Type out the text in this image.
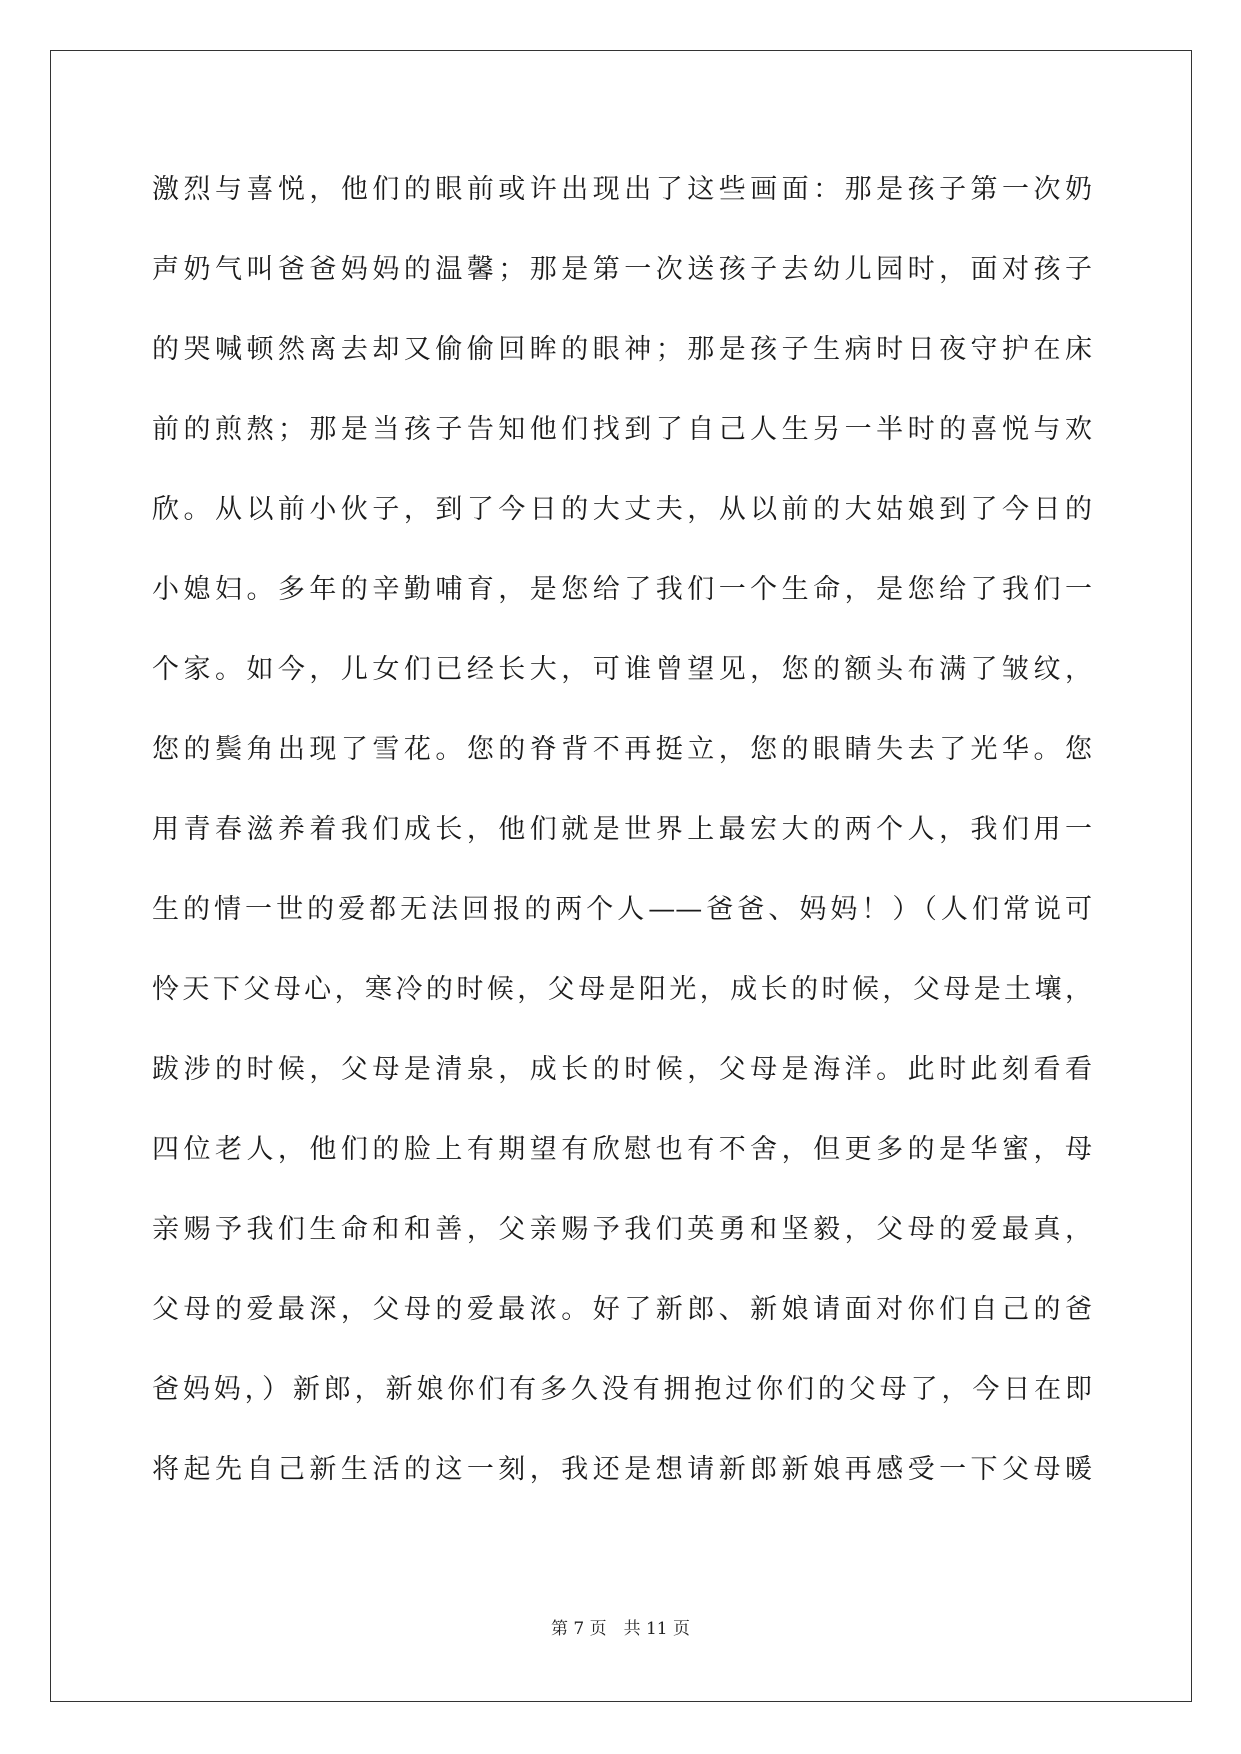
激烈与喜悦，他们的眼前或许出现出了这些画面：那是孩子第一次奶
声奶气叫爸爸妈妈的温馨；那是第一次送孩子去幼儿园时，面对孩子
的哭喊顿然离去却又偷偷回眸的眼神；那是孩子生病时日夜守护在床
前的煎熬；那是当孩子告知他们找到了自己人生另一半时的喜悦与欢
欣。从以前小伙子，到了今日的大丈夫，从以前的大姑娘到了今日的
小媳妇。多年的辛勤哺育，是您给了我们一个生命，是您给了我们一
个家。如今，儿女们已经长大，可谁曾望见，您的额头布满了皱纹，
您的鬓角出现了雪花。您的脊背不再挺立，您的眼睛失去了光华。您
用青春滋养着我们成长，他们就是世界上最宏大的两个人，我们用一
生的情一世的爱都无法回报的两个人——爸爸、妈妈！）（人们常说可
怜天下父母心，寒冷的时候，父母是阳光，成长的时候，父母是土壤，
跋涉的时候，父母是清泉，成长的时候，父母是海洋。此时此刻看看
四位老人，他们的脸上有期望有欣慰也有不舍，但更多的是华蜜，母
亲赐予我们生命和和善，父亲赐予我们英勇和坚毅，父母的爱最真，
父母的爱最深，父母的爱最浓。好了新郎、新娘请面对你们自己的爸
爸妈妈，）新郎，新娘你们有多久没有拥抱过你们的父母了，今日在即
将起先自己新生活的这一刻，我还是想请新郎新娘再感受一下父母暖
第 7 页　共 11 页
